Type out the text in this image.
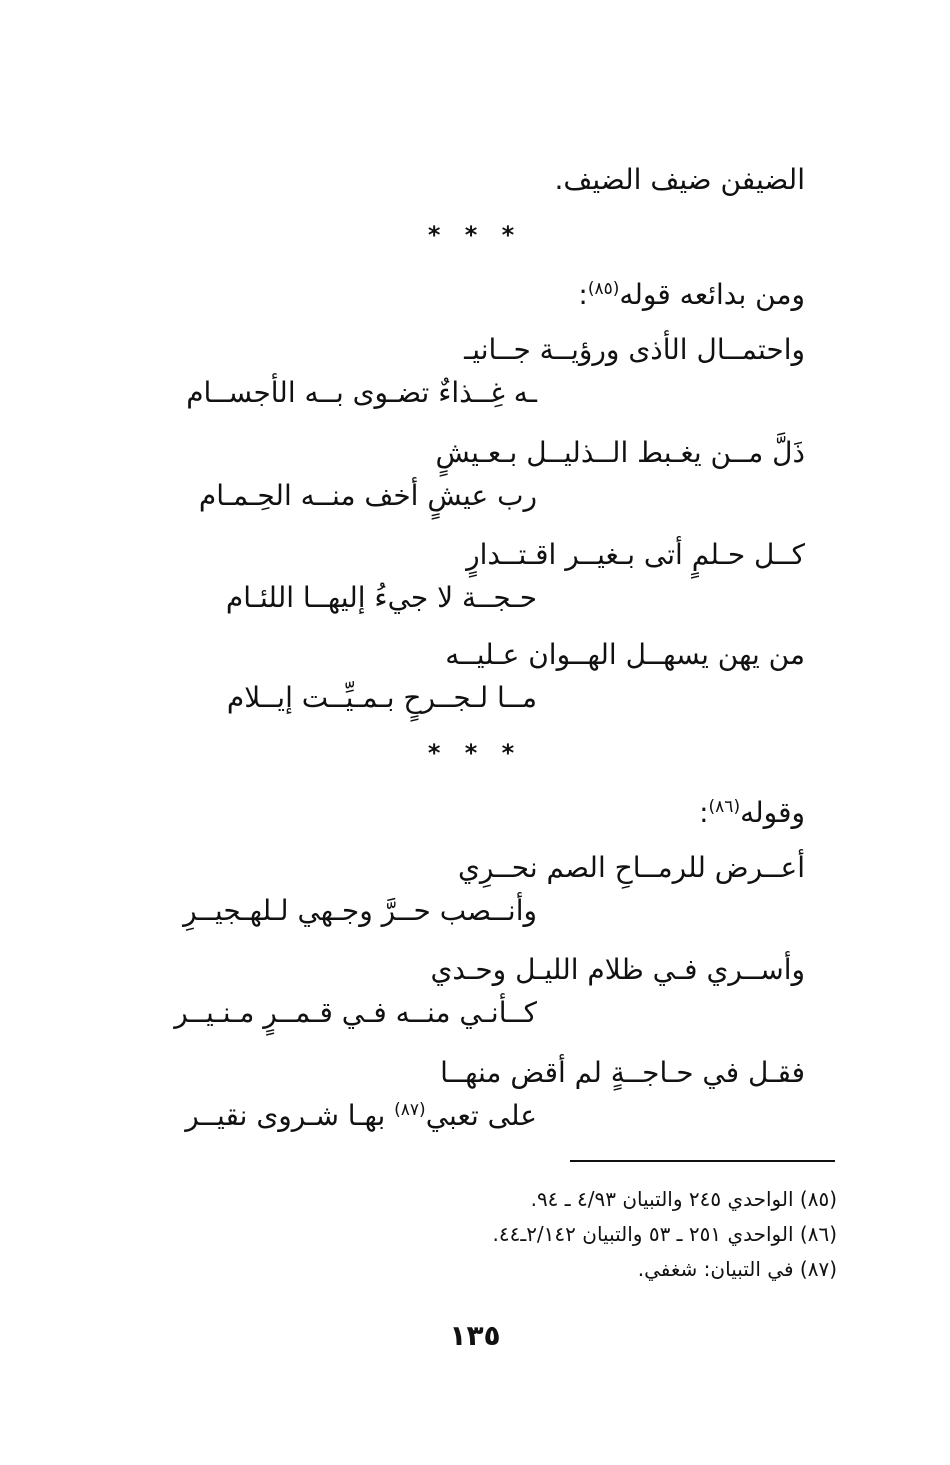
الضيفن ضيف الضيف.
* * *
ومن بدائعه قوله$^{(٨٥)}$:
واحتمــال الأذى ورؤيــة جــانيـ
ـه غِــذاءٌ تضـوى بــه الأجســام
ذَلَّ مــن يغـبط الــذليــل بـعـيشٍ
رب عيشٍ أخف منــه الحِـمـام
كــل حـلمٍ أتى بـغيــر اقـتــدارٍ
حـجــة لا جيءُ إليهــا اللئـام
من يهن يسهــل الهــوان عـليــه
مــا لـجــرحٍ بـمـيِّــت إيــلام
* * *
وقوله$^{(٨٦)}$:
أعــرض للرمــاحِ الصم نحــرِي
وأنــصب حــرَّ وجـهي لـلهـجيــرِ
وأســري فـي ظلام الليـل وحـدي
كــأنـي منــه فـي قـمــرٍ مـنـيــر
فقـل في حـاجــةٍ لم أقض منهــا
على تعبي$^{(٨٧)}$ بهـا شـروى نقيــر
(٨٥) الواحدي ٢٤٥ والتبيان ٤/٩٣ ـ ٩٤.
(٨٦) الواحدي ٢٥١ ـ ٥٣ والتبيان ٢/١٤٢ـ٤٤.
(٨٧) في التبيان: شغفي.
١٣٥
